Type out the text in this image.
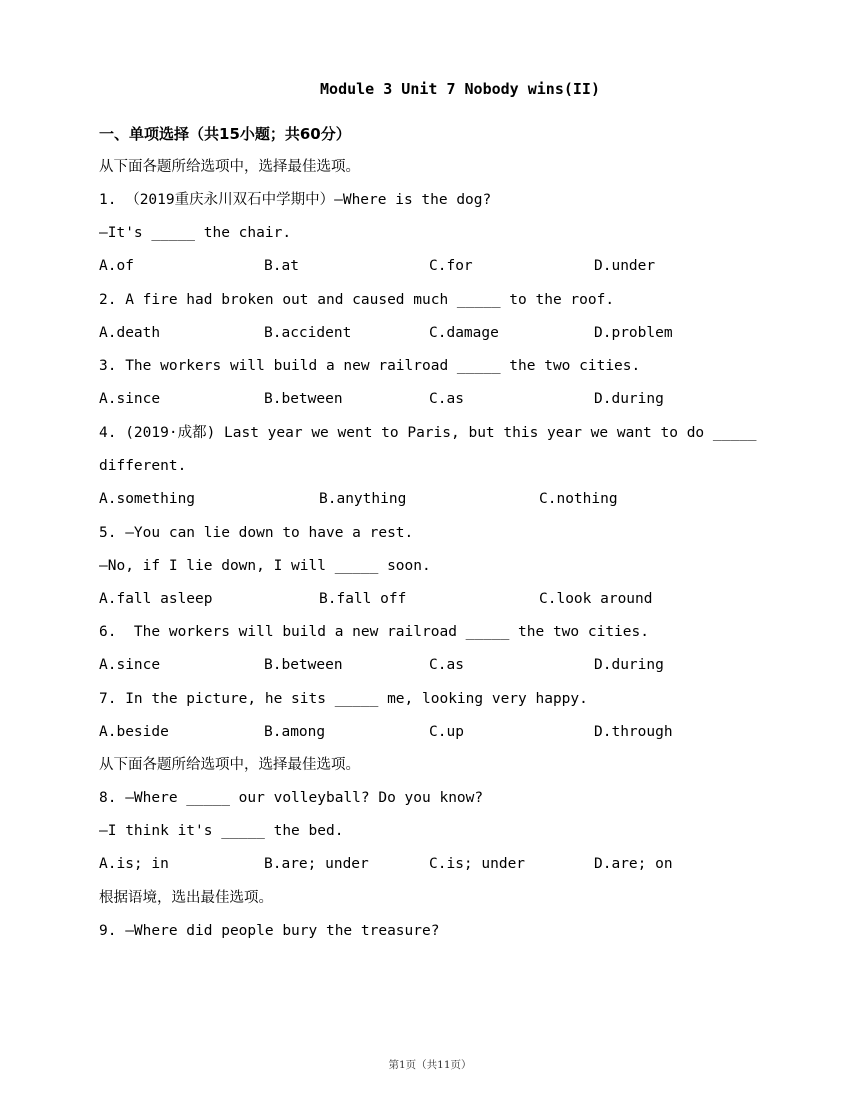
Module 3 Unit 7 Nobody wins(II)
一、单项选择（共15小题；共60分）
从下面各题所给选项中，选择最佳选项。
1. （2019重庆永川双石中学期中）—Where is the dog?
—It's _____ the chair.
A.of	B.at	C.for	D.under
2. A fire had broken out and caused much _____ to the roof.
A.death	B.accident	C.damage	D.problem
3. The workers will build a new railroad _____ the two cities.
A.since	B.between	C.as	D.during
4. (2019·成都) Last year we went to Paris, but this year we want to do _____
different.
A.something	B.anything	C.nothing
5. —You can lie down to have a rest.
—No, if I lie down, I will _____ soon.
A.fall asleep	B.fall off	C.look around
6.  The workers will build a new railroad _____ the two cities.
A.since	B.between	C.as	D.during
7. In the picture, he sits _____ me, looking very happy.
A.beside	B.among	C.up	D.through
从下面各题所给选项中，选择最佳选项。
8. —Where _____ our volleyball? Do you know?
—I think it's _____ the bed.
A.is; in	B.are; under	C.is; under	D.are; on
根据语境，选出最佳选项。
9. —Where did people bury the treasure?
第1页（共11页）
